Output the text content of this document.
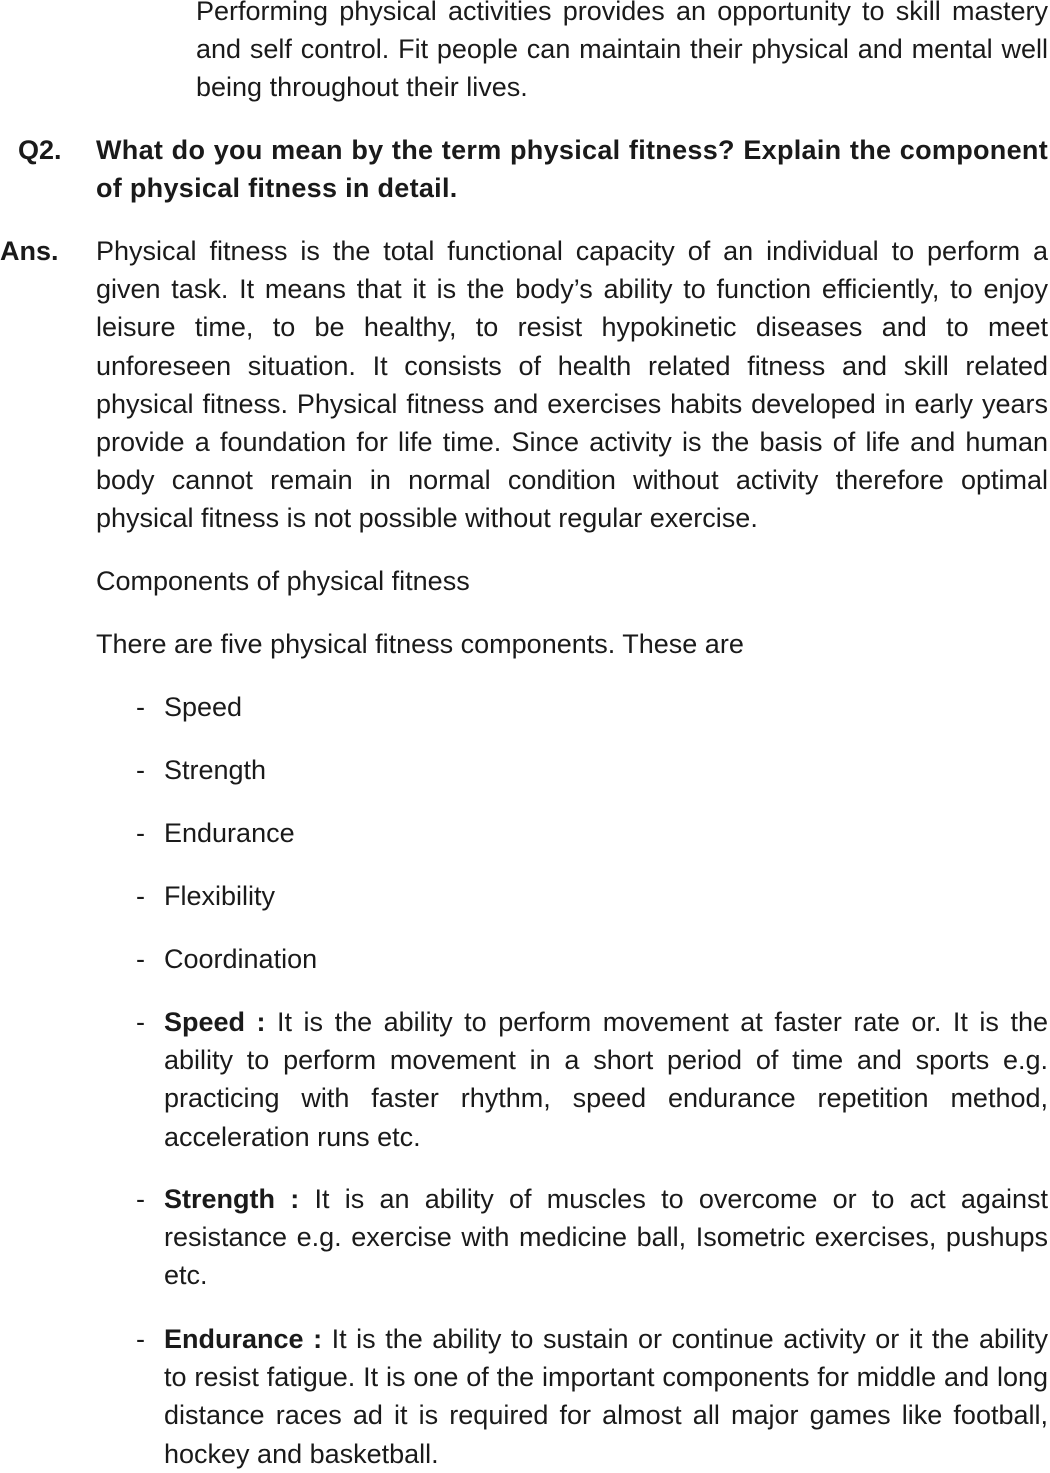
Performing physical activities provides an opportunity to skill mastery and self control. Fit people can maintain their physical and mental well being throughout their lives.

Q2. What do you mean by the term physical fitness? Explain the component of physical fitness in detail.

Ans. Physical fitness is the total functional capacity of an individual to perform a given task. It means that it is the body’s ability to function efficiently, to enjoy leisure time, to be healthy, to resist hypokinetic diseases and to meet unforeseen situation. It consists of health related fitness and skill related physical fitness. Physical fitness and exercises habits developed in early years provide a foundation for life time. Since activity is the basis of life and human body cannot remain in normal condition without activity therefore optimal physical fitness is not possible without regular exercise.

Components of physical fitness

There are five physical fitness components. These are

- Speed
- Strength
- Endurance
- Flexibility
- Coordination
- Speed : It is the ability to perform movement at faster rate or. It is the ability to perform movement in a short period of time and sports e.g. practicing with faster rhythm, speed endurance repetition method, acceleration runs etc.
- Strength : It is an ability of muscles to overcome or to act against resistance e.g. exercise with medicine ball, Isometric exercises, pushups etc.
- Endurance : It is the ability to sustain or continue activity or it the ability to resist fatigue. It is one of the important components for middle and long distance races ad it is required for almost all major games like football, hockey and basketball.
